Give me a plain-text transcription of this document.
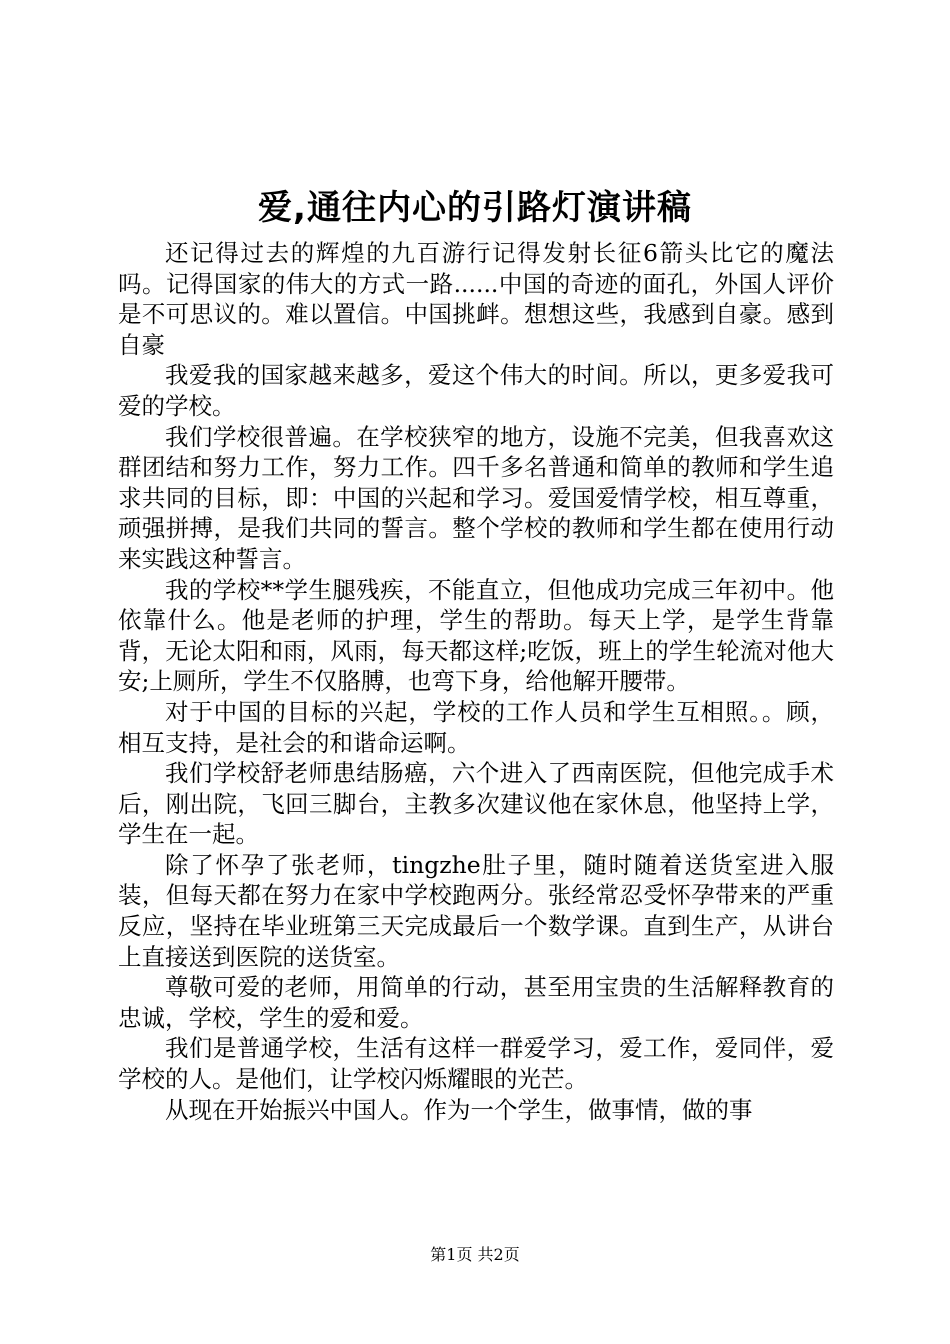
爱,通往内心的引路灯演讲稿

还记得过去的辉煌的九百游行记得发射长征6箭头比它的魔法吗。记得国家的伟大的方式一路......中国的奇迹的面孔，外国人评价是不可思议的。难以置信。中国挑衅。想想这些，我感到自豪。感到自豪

我爱我的国家越来越多，爱这个伟大的时间。所以，更多爱我可爱的学校。

我们学校很普遍。在学校狭窄的地方，设施不完美，但我喜欢这群团结和努力工作，努力工作。四千多名普通和简单的教师和学生追求共同的目标，即：中国的兴起和学习。爱国爱情学校，相互尊重，顽强拼搏，是我们共同的誓言。整个学校的教师和学生都在使用行动来实践这种誓言。

我的学校**学生腿残疾，不能直立，但他成功完成三年初中。他依靠什么。他是老师的护理，学生的帮助。每天上学，是学生背靠背，无论太阳和雨，风雨，每天都这样;吃饭，班上的学生轮流对他大安;上厕所，学生不仅胳膊，也弯下身，给他解开腰带。

对于中国的目标的兴起，学校的工作人员和学生互相照。。顾，相互支持，是社会的和谐命运啊。

我们学校舒老师患结肠癌，六个进入了西南医院，但他完成手术后，刚出院，飞回三脚台，主教多次建议他在家休息，他坚持上学，学生在一起。

除了怀孕了张老师，tingzhe肚子里，随时随着送货室进入服装，但每天都在努力在家中学校跑两分。张经常忍受怀孕带来的严重反应，坚持在毕业班第三天完成最后一个数学课。直到生产，从讲台上直接送到医院的送货室。

尊敬可爱的老师，用简单的行动，甚至用宝贵的生活解释教育的忠诚，学校，学生的爱和爱。

我们是普通学校，生活有这样一群爱学习，爱工作，爱同伴，爱学校的人。是他们，让学校闪烁耀眼的光芒。

从现在开始振兴中国人。作为一个学生，做事情，做的事

第1页 共2页
